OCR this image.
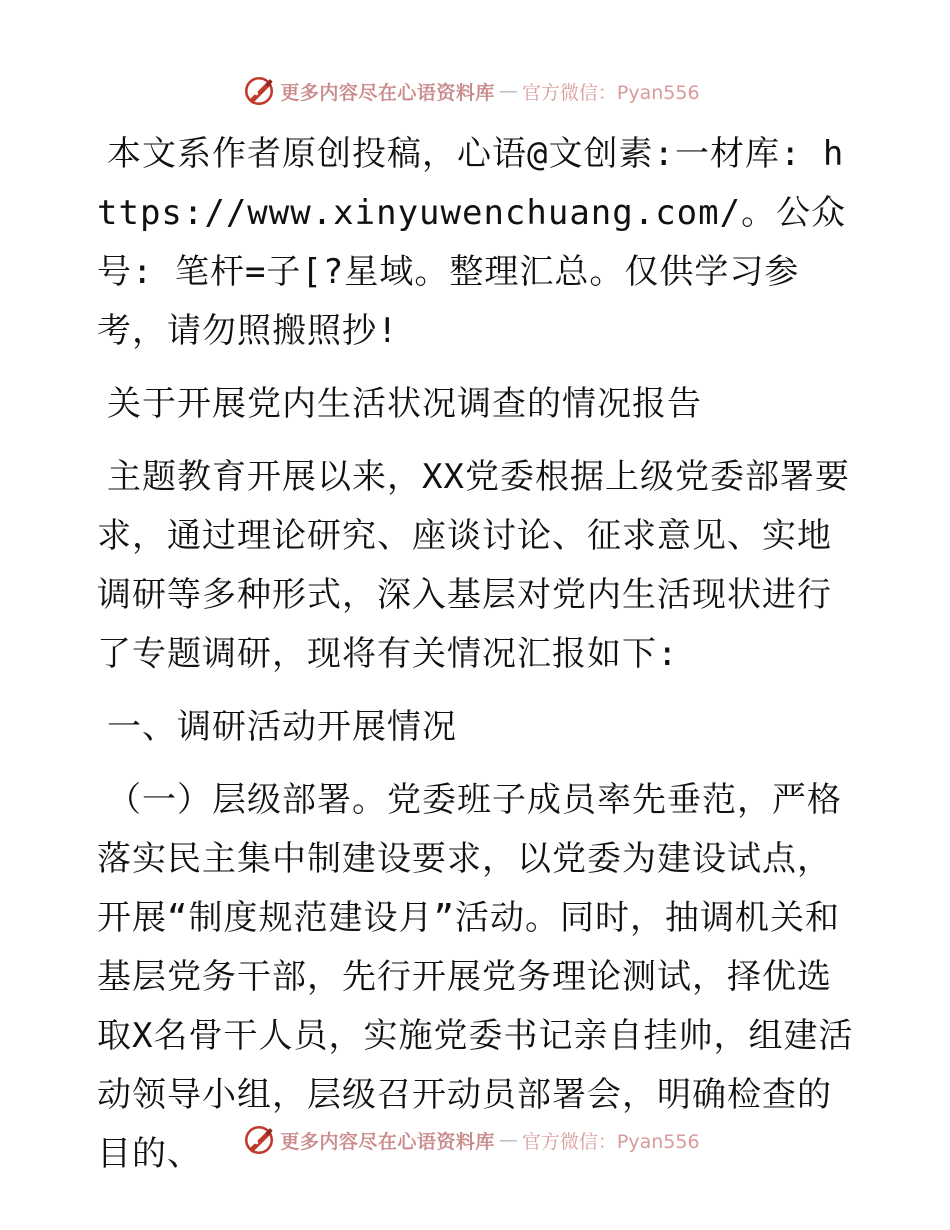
更多内容尽在心语资料库 — 官方微信：Pyan556

本文系作者原创投稿，心语@文创素:一材库: https://www.xinyuwenchuang.com/。公众号: 笔杆=子[?星域。整理汇总。仅供学习参考，请勿照搬照抄!

关于开展党内生活状况调查的情况报告

主题教育开展以来，XX党委根据上级党委部署要求，通过理论研究、座谈讨论、征求意见、实地调研等多种形式，深入基层对党内生活现状进行了专题调研，现将有关情况汇报如下:

一、调研活动开展情况

（一）层级部署。党委班子成员率先垂范，严格落实民主集中制建设要求，以党委为建设试点，开展“制度规范建设月”活动。同时，抽调机关和基层党务干部，先行开展党务理论测试，择优选取X名骨干人员，实施党委书记亲自挂帅，组建活动领导小组，层级召开动员部署会，明确检查的目的、	更多内容尽在心语资料库 — 官方微信：Pyan556
